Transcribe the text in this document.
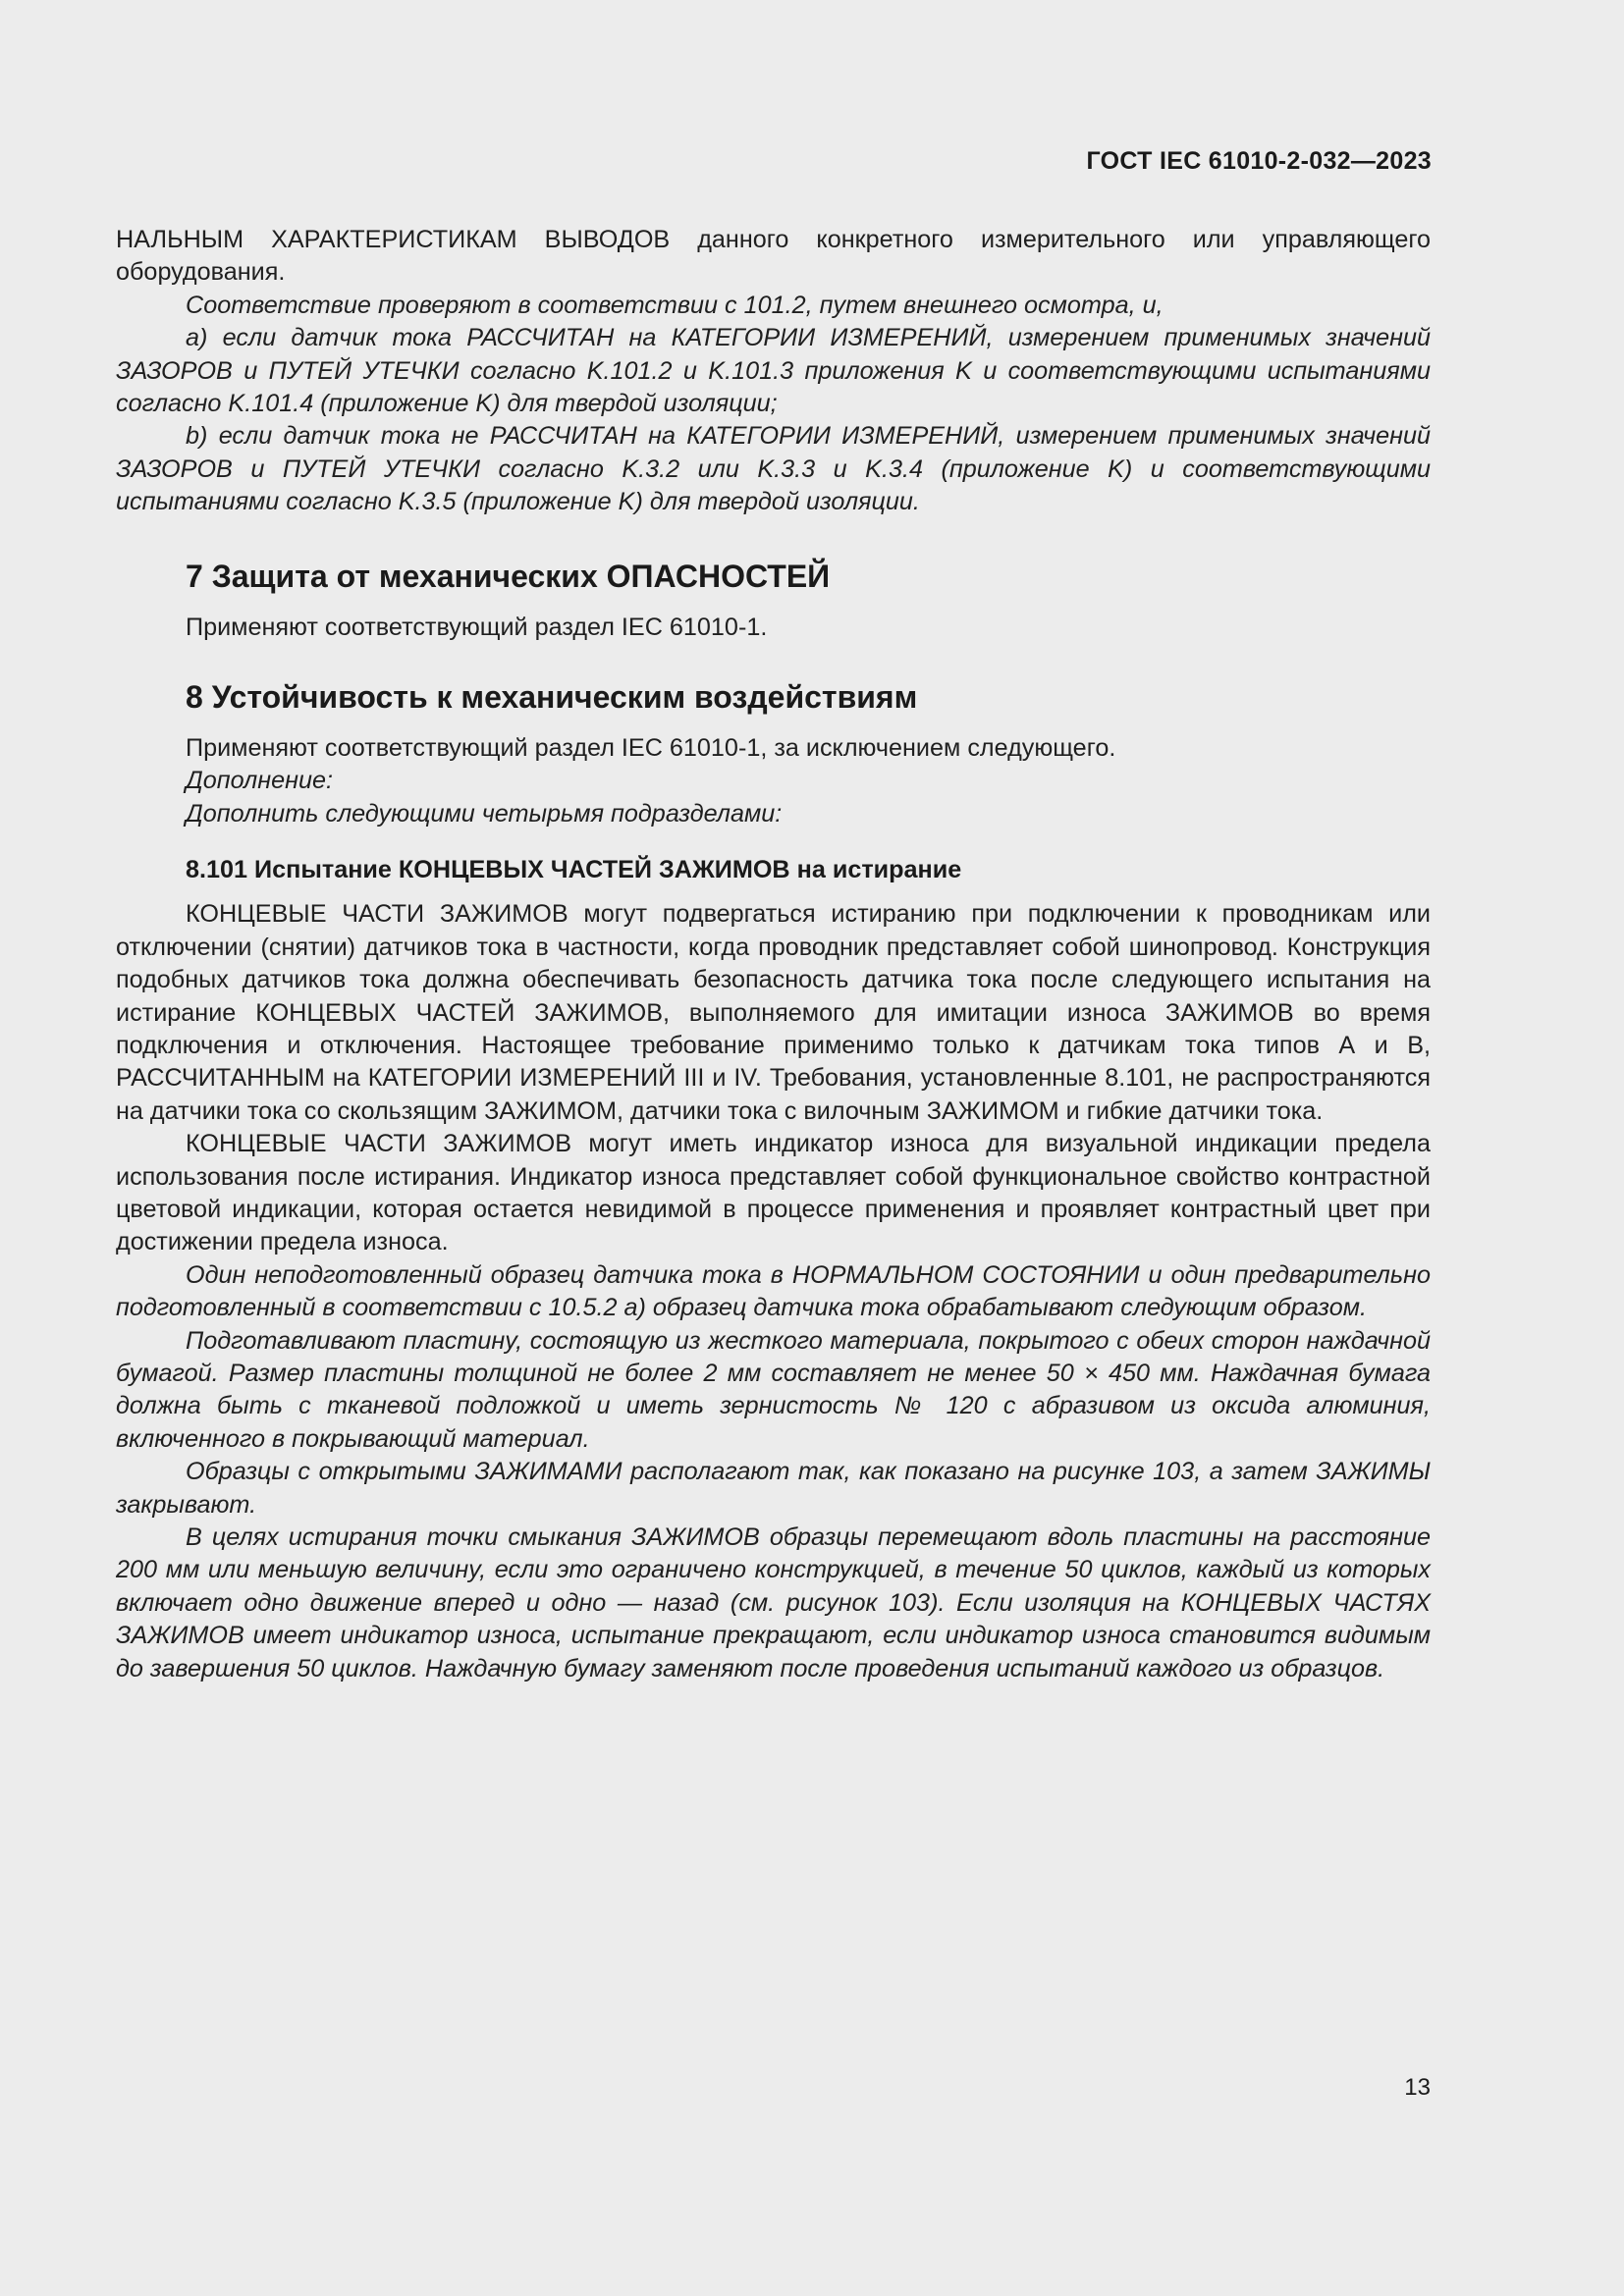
ГОСТ IEC 61010-2-032—2023

НАЛЬНЫМ ХАРАКТЕРИСТИКАМ ВЫВОДОВ данного конкретного измерительного или управляющего оборудования.

Соответствие проверяют в соответствии с 101.2, путем внешнего осмотра, и,

a) если датчик тока РАССЧИТАН на КАТЕГОРИИ ИЗМЕРЕНИЙ, измерением применимых значений ЗАЗОРОВ и ПУТЕЙ УТЕЧКИ согласно K.101.2 и K.101.3 приложения K и соответствующими испытаниями согласно K.101.4 (приложение K) для твердой изоляции;

b) если датчик тока не РАССЧИТАН на КАТЕГОРИИ ИЗМЕРЕНИЙ, измерением применимых значений ЗАЗОРОВ и ПУТЕЙ УТЕЧКИ согласно K.3.2 или K.3.3 и K.3.4 (приложение K) и соответствующими испытаниями согласно K.3.5 (приложение K) для твердой изоляции.

7 Защита от механических ОПАСНОСТЕЙ

Применяют соответствующий раздел IEC 61010-1.

8 Устойчивость к механическим воздействиям

Применяют соответствующий раздел IEC 61010-1, за исключением следующего.

Дополнение:

Дополнить следующими четырьмя подразделами:

8.101 Испытание КОНЦЕВЫХ ЧАСТЕЙ ЗАЖИМОВ на истирание

КОНЦЕВЫЕ ЧАСТИ ЗАЖИМОВ могут подвергаться истиранию при подключении к проводникам или отключении (снятии) датчиков тока в частности, когда проводник представляет собой шинопровод. Конструкция подобных датчиков тока должна обеспечивать безопасность датчика тока после следующего испытания на истирание КОНЦЕВЫХ ЧАСТЕЙ ЗАЖИМОВ, выполняемого для имитации износа ЗАЖИМОВ во время подключения и отключения. Настоящее требование применимо только к датчикам тока типов А и В, РАССЧИТАННЫМ на КАТЕГОРИИ ИЗМЕРЕНИЙ III и IV. Требования, установленные 8.101, не распространяются на датчики тока со скользящим ЗАЖИМОМ, датчики тока с вилочным ЗАЖИМОМ и гибкие датчики тока.

КОНЦЕВЫЕ ЧАСТИ ЗАЖИМОВ могут иметь индикатор износа для визуальной индикации предела использования после истирания. Индикатор износа представляет собой функциональное свойство контрастной цветовой индикации, которая остается невидимой в процессе применения и проявляет контрастный цвет при достижении предела износа.

Один неподготовленный образец датчика тока в НОРМАЛЬНОМ СОСТОЯНИИ и один предварительно подготовленный в соответствии с 10.5.2 а) образец датчика тока обрабатывают следующим образом.

Подготавливают пластину, состоящую из жесткого материала, покрытого с обеих сторон наждачной бумагой. Размер пластины толщиной не более 2 мм составляет не менее 50 × 450 мм. Наждачная бумага должна быть с тканевой подложкой и иметь зернистость № 120 с абразивом из оксида алюминия, включенного в покрывающий материал.

Образцы с открытыми ЗАЖИМАМИ располагают так, как показано на рисунке 103, а затем ЗАЖИМЫ закрывают.

В целях истирания точки смыкания ЗАЖИМОВ образцы перемещают вдоль пластины на расстояние 200 мм или меньшую величину, если это ограничено конструкцией, в течение 50 циклов, каждый из которых включает одно движение вперед и одно — назад (см. рисунок 103). Если изоляция на КОНЦЕВЫХ ЧАСТЯХ ЗАЖИМОВ имеет индикатор износа, испытание прекращают, если индикатор износа становится видимым до завершения 50 циклов. Наждачную бумагу заменяют после проведения испытаний каждого из образцов.

13
